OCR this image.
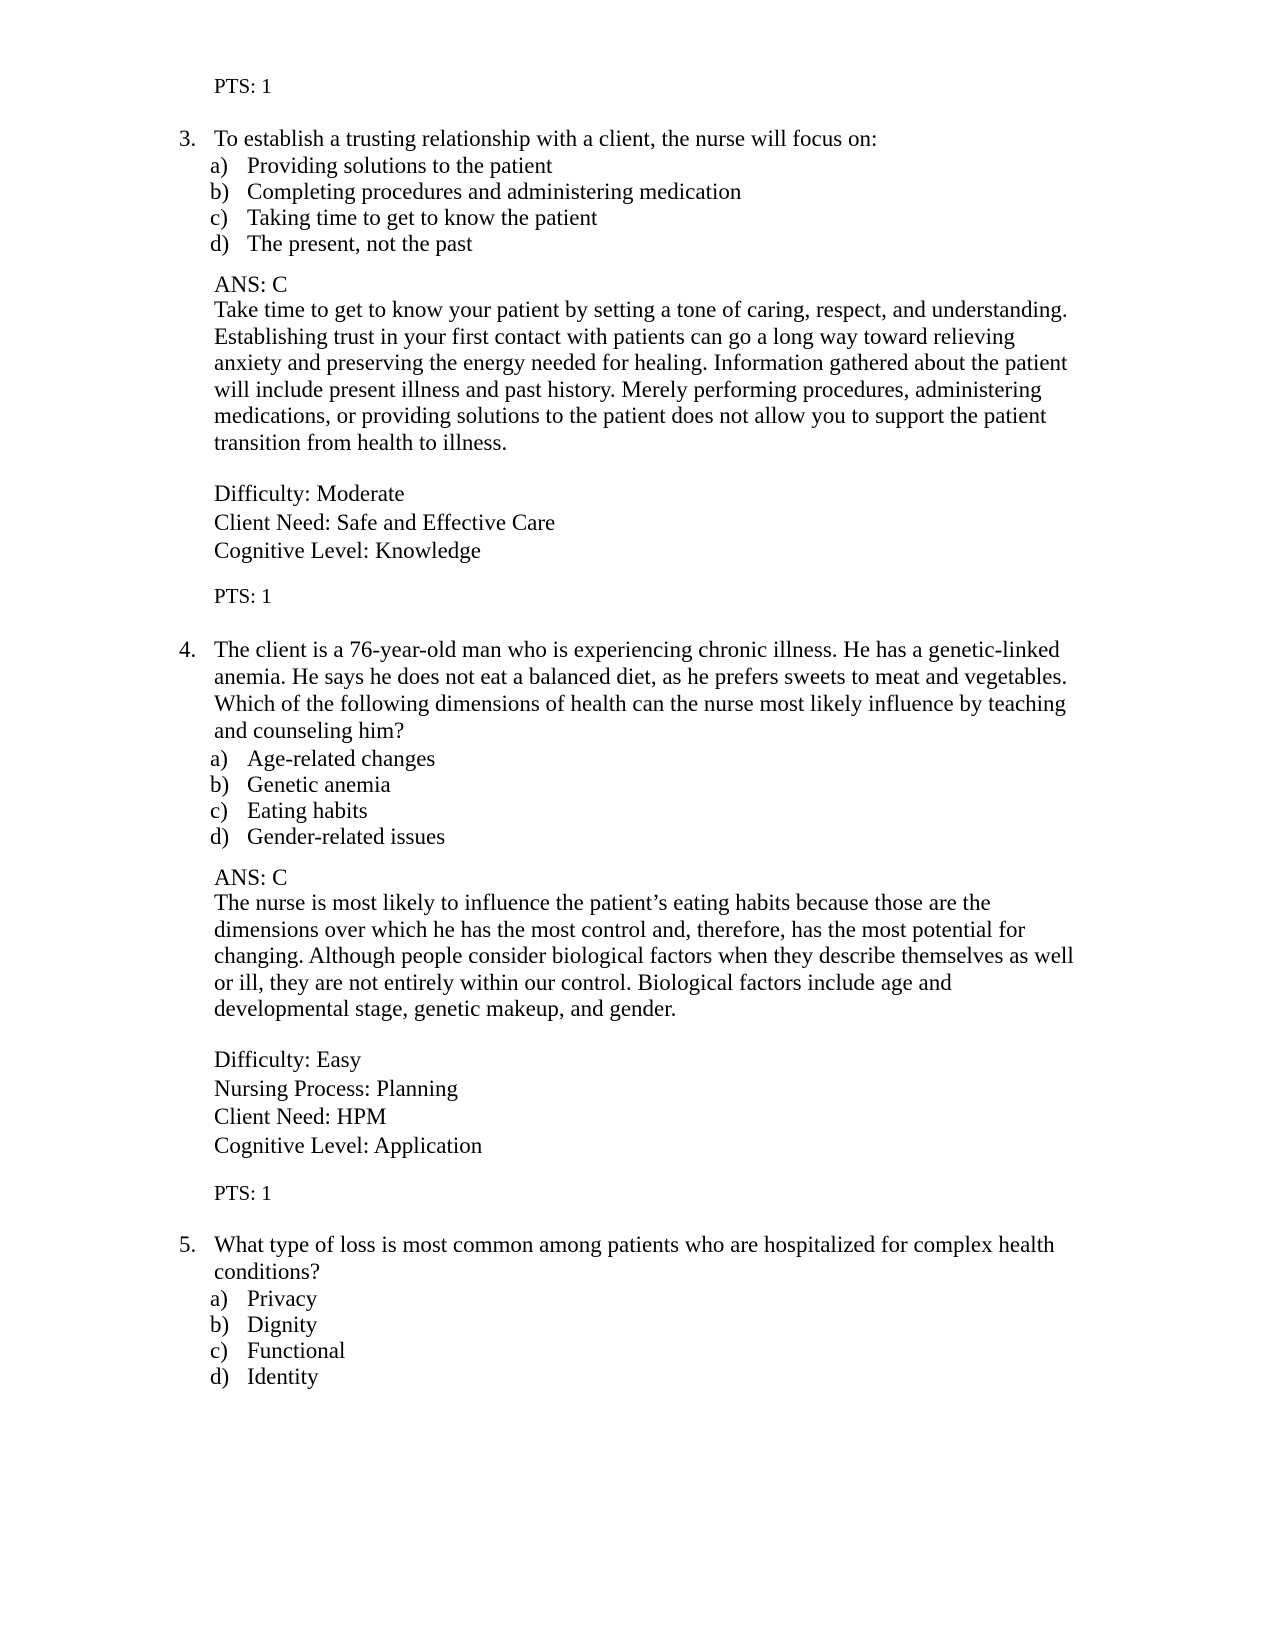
PTS: 1
3. To establish a trusting relationship with a client, the nurse will focus on:
a) Providing solutions to the patient
b) Completing procedures and administering medication
c) Taking time to get to know the patient
d) The present, not the past
ANS: C
Take time to get to know your patient by setting a tone of caring, respect, and understanding.
Establishing trust in your first contact with patients can go a long way toward relieving
anxiety and preserving the energy needed for healing. Information gathered about the patient
will include present illness and past history. Merely performing procedures, administering
medications, or providing solutions to the patient does not allow you to support the patient
transition from health to illness.
Difficulty: Moderate
Client Need: Safe and Effective Care
Cognitive Level: Knowledge
PTS: 1
4. The client is a 76-year-old man who is experiencing chronic illness. He has a genetic-linked
anemia. He says he does not eat a balanced diet, as he prefers sweets to meat and vegetables.
Which of the following dimensions of health can the nurse most likely influence by teaching
and counseling him?
a) Age-related changes
b) Genetic anemia
c) Eating habits
d) Gender-related issues
ANS: C
The nurse is most likely to influence the patient’s eating habits because those are the
dimensions over which he has the most control and, therefore, has the most potential for
changing. Although people consider biological factors when they describe themselves as well
or ill, they are not entirely within our control. Biological factors include age and
developmental stage, genetic makeup, and gender.
Difficulty: Easy
Nursing Process: Planning
Client Need: HPM
Cognitive Level: Application
PTS: 1
5. What type of loss is most common among patients who are hospitalized for complex health
conditions?
a) Privacy
b) Dignity
c) Functional
d) Identity
